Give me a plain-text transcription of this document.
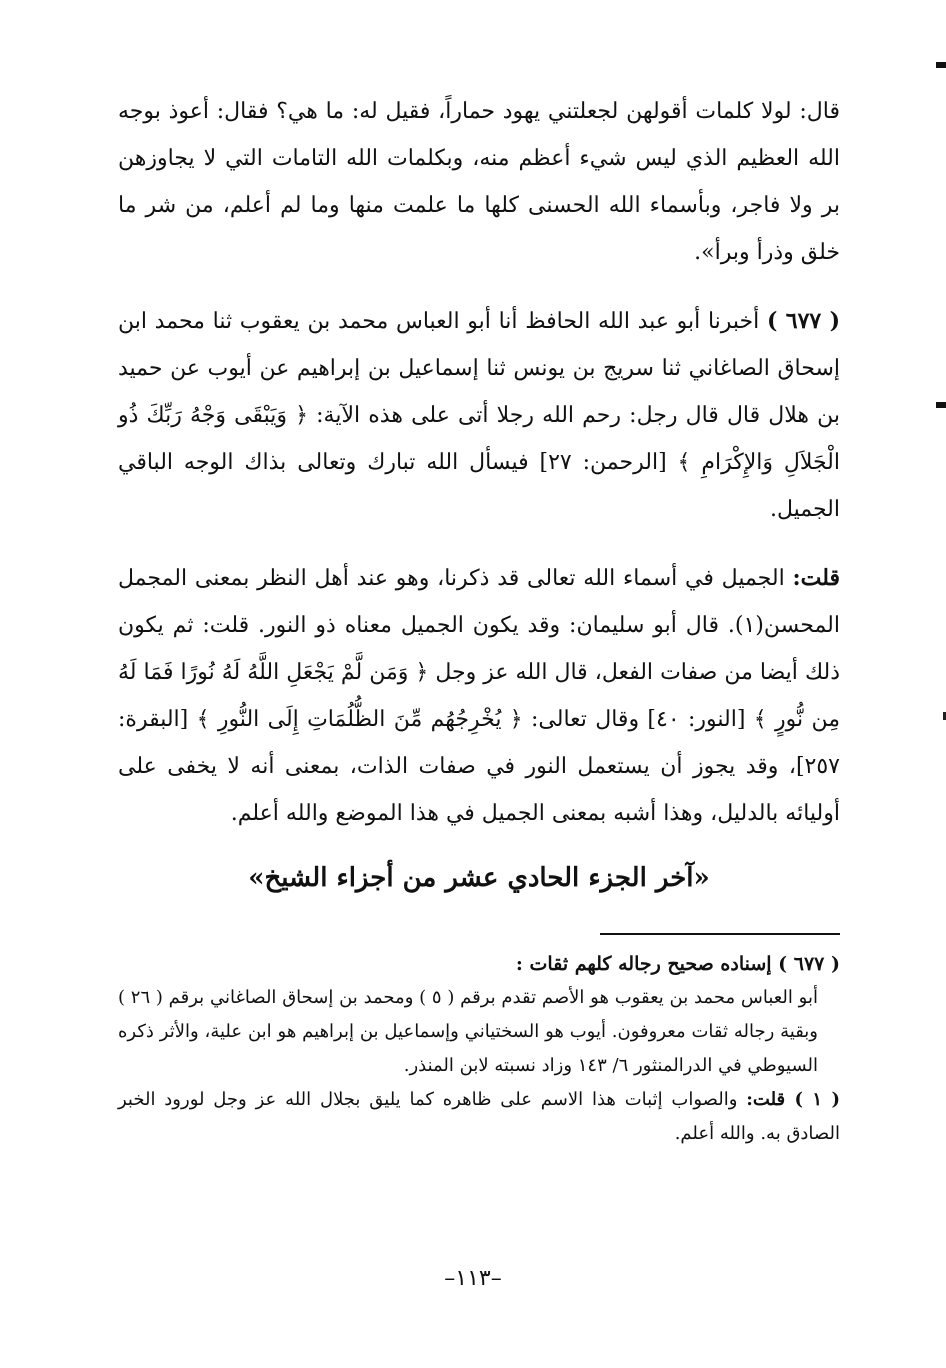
قال: لولا كلمات أقولهن لجعلتني يهود حماراً، فقيل له: ما هي؟ فقال: أعوذ بوجه الله العظيم الذي ليس شيء أعظم منه، وبكلمات الله التامات التي لا يجاوزهن بر ولا فاجر، وبأسماء الله الحسنى كلها ما علمت منها وما لم أعلم، من شر ما خلق وذرأ وبرأ».

( ٦٧٧ ) أخبرنا أبو عبد الله الحافظ أنا أبو العباس محمد بن يعقوب ثنا محمد ابن إسحاق الصاغاني ثنا سريج بن يونس ثنا إسماعيل بن إبراهيم عن أيوب عن حميد بن هلال قال قال رجل: رحم الله رجلا أتى على هذه الآية: ﴿ وَيَبْقَى وَجْهُ رَبِّكَ ذُو الْجَلاَلِ وَالإِكْرَامِ ﴾ [الرحمن: ٢٧] فيسأل الله تبارك وتعالى بذاك الوجه الباقي الجميل.

قلت: الجميل في أسماء الله تعالى قد ذكرنا، وهو عند أهل النظر بمعنى المجمل المحسن(١). قال أبو سليمان: وقد يكون الجميل معناه ذو النور. قلت: ثم يكون ذلك أيضا من صفات الفعل، قال الله عز وجل ﴿ وَمَن لَّمْ يَجْعَلِ اللَّهُ لَهُ نُورًا فَمَا لَهُ مِن نُّورٍ ﴾ [النور: ٤٠] وقال تعالى: ﴿ يُخْرِجُهُم مِّنَ الظُّلُمَاتِ إِلَى النُّورِ ﴾ [البقرة: ٢٥٧]، وقد يجوز أن يستعمل النور في صفات الذات، بمعنى أنه لا يخفى على أوليائه بالدليل، وهذا أشبه بمعنى الجميل في هذا الموضع والله أعلم.

«آخر الجزء الحادي عشر من أجزاء الشيخ»

( ٦٧٧ ) إسناده صحيح رجاله كلهم ثقات :

أبو العباس محمد بن يعقوب هو الأصم تقدم برقم ( ٥ ) ومحمد بن إسحاق الصاغاني برقم ( ٢٦ ) وبقية رجاله ثقات معروفون. أيوب هو السختياني وإسماعيل بن إبراهيم هو ابن علية، والأثر ذكره السيوطي في الدرالمنثور ٦/ ١٤٣ وزاد نسبته لابن المنذر.

( ١ ) قلت: والصواب إثبات هذا الاسم على ظاهره كما يليق بجلال الله عز وجل لورود الخبر الصادق به. والله أعلم.

–١١٣–
